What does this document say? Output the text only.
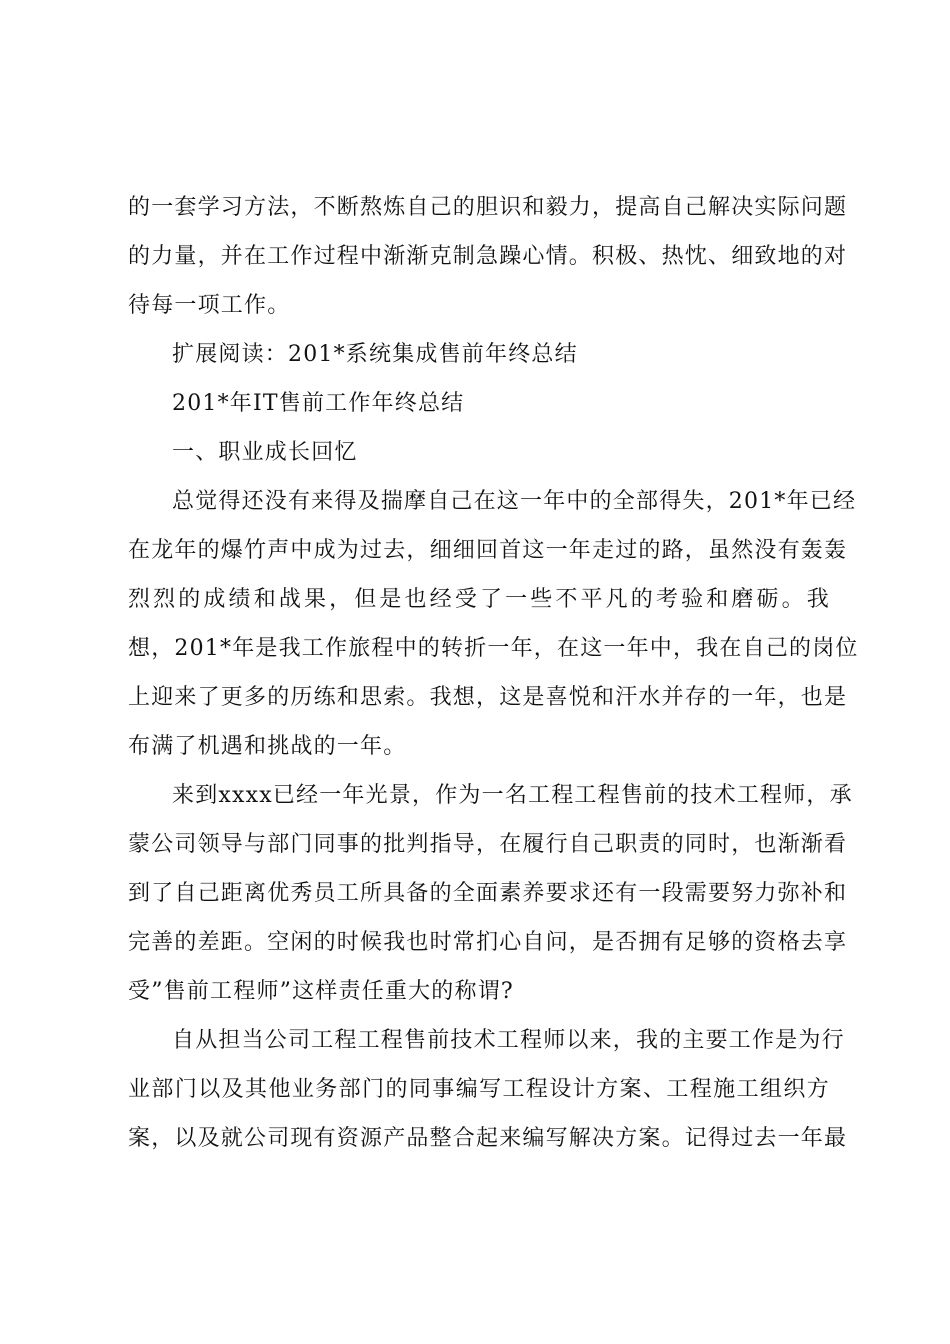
的一套学习方法，不断熬炼自己的胆识和毅力，提高自己解决实际问题
的力量，并在工作过程中渐渐克制急躁心情。积极、热忱、细致地的对
待每一项工作。
扩展阅读：201*系统集成售前年终总结
201*年IT售前工作年终总结
一、职业成长回忆
总觉得还没有来得及揣摩自己在这一年中的全部得失，201*年已经
在龙年的爆竹声中成为过去，细细回首这一年走过的路，虽然没有轰轰
烈烈的成绩和战果，但是也经受了一些不平凡的考验和磨砺。我
想，201*年是我工作旅程中的转折一年，在这一年中，我在自己的岗位
上迎来了更多的历练和思索。我想，这是喜悦和汗水并存的一年，也是
布满了机遇和挑战的一年。
来到xxxx已经一年光景，作为一名工程工程售前的技术工程师，承
蒙公司领导与部门同事的批判指导，在履行自己职责的同时，也渐渐看
到了自己距离优秀员工所具备的全面素养要求还有一段需要努力弥补和
完善的差距。空闲的时候我也时常扪心自问，是否拥有足够的资格去享
受”售前工程师”这样责任重大的称谓?
自从担当公司工程工程售前技术工程师以来，我的主要工作是为行
业部门以及其他业务部门的同事编写工程设计方案、工程施工组织方
案，以及就公司现有资源产品整合起来编写解决方案。记得过去一年最
